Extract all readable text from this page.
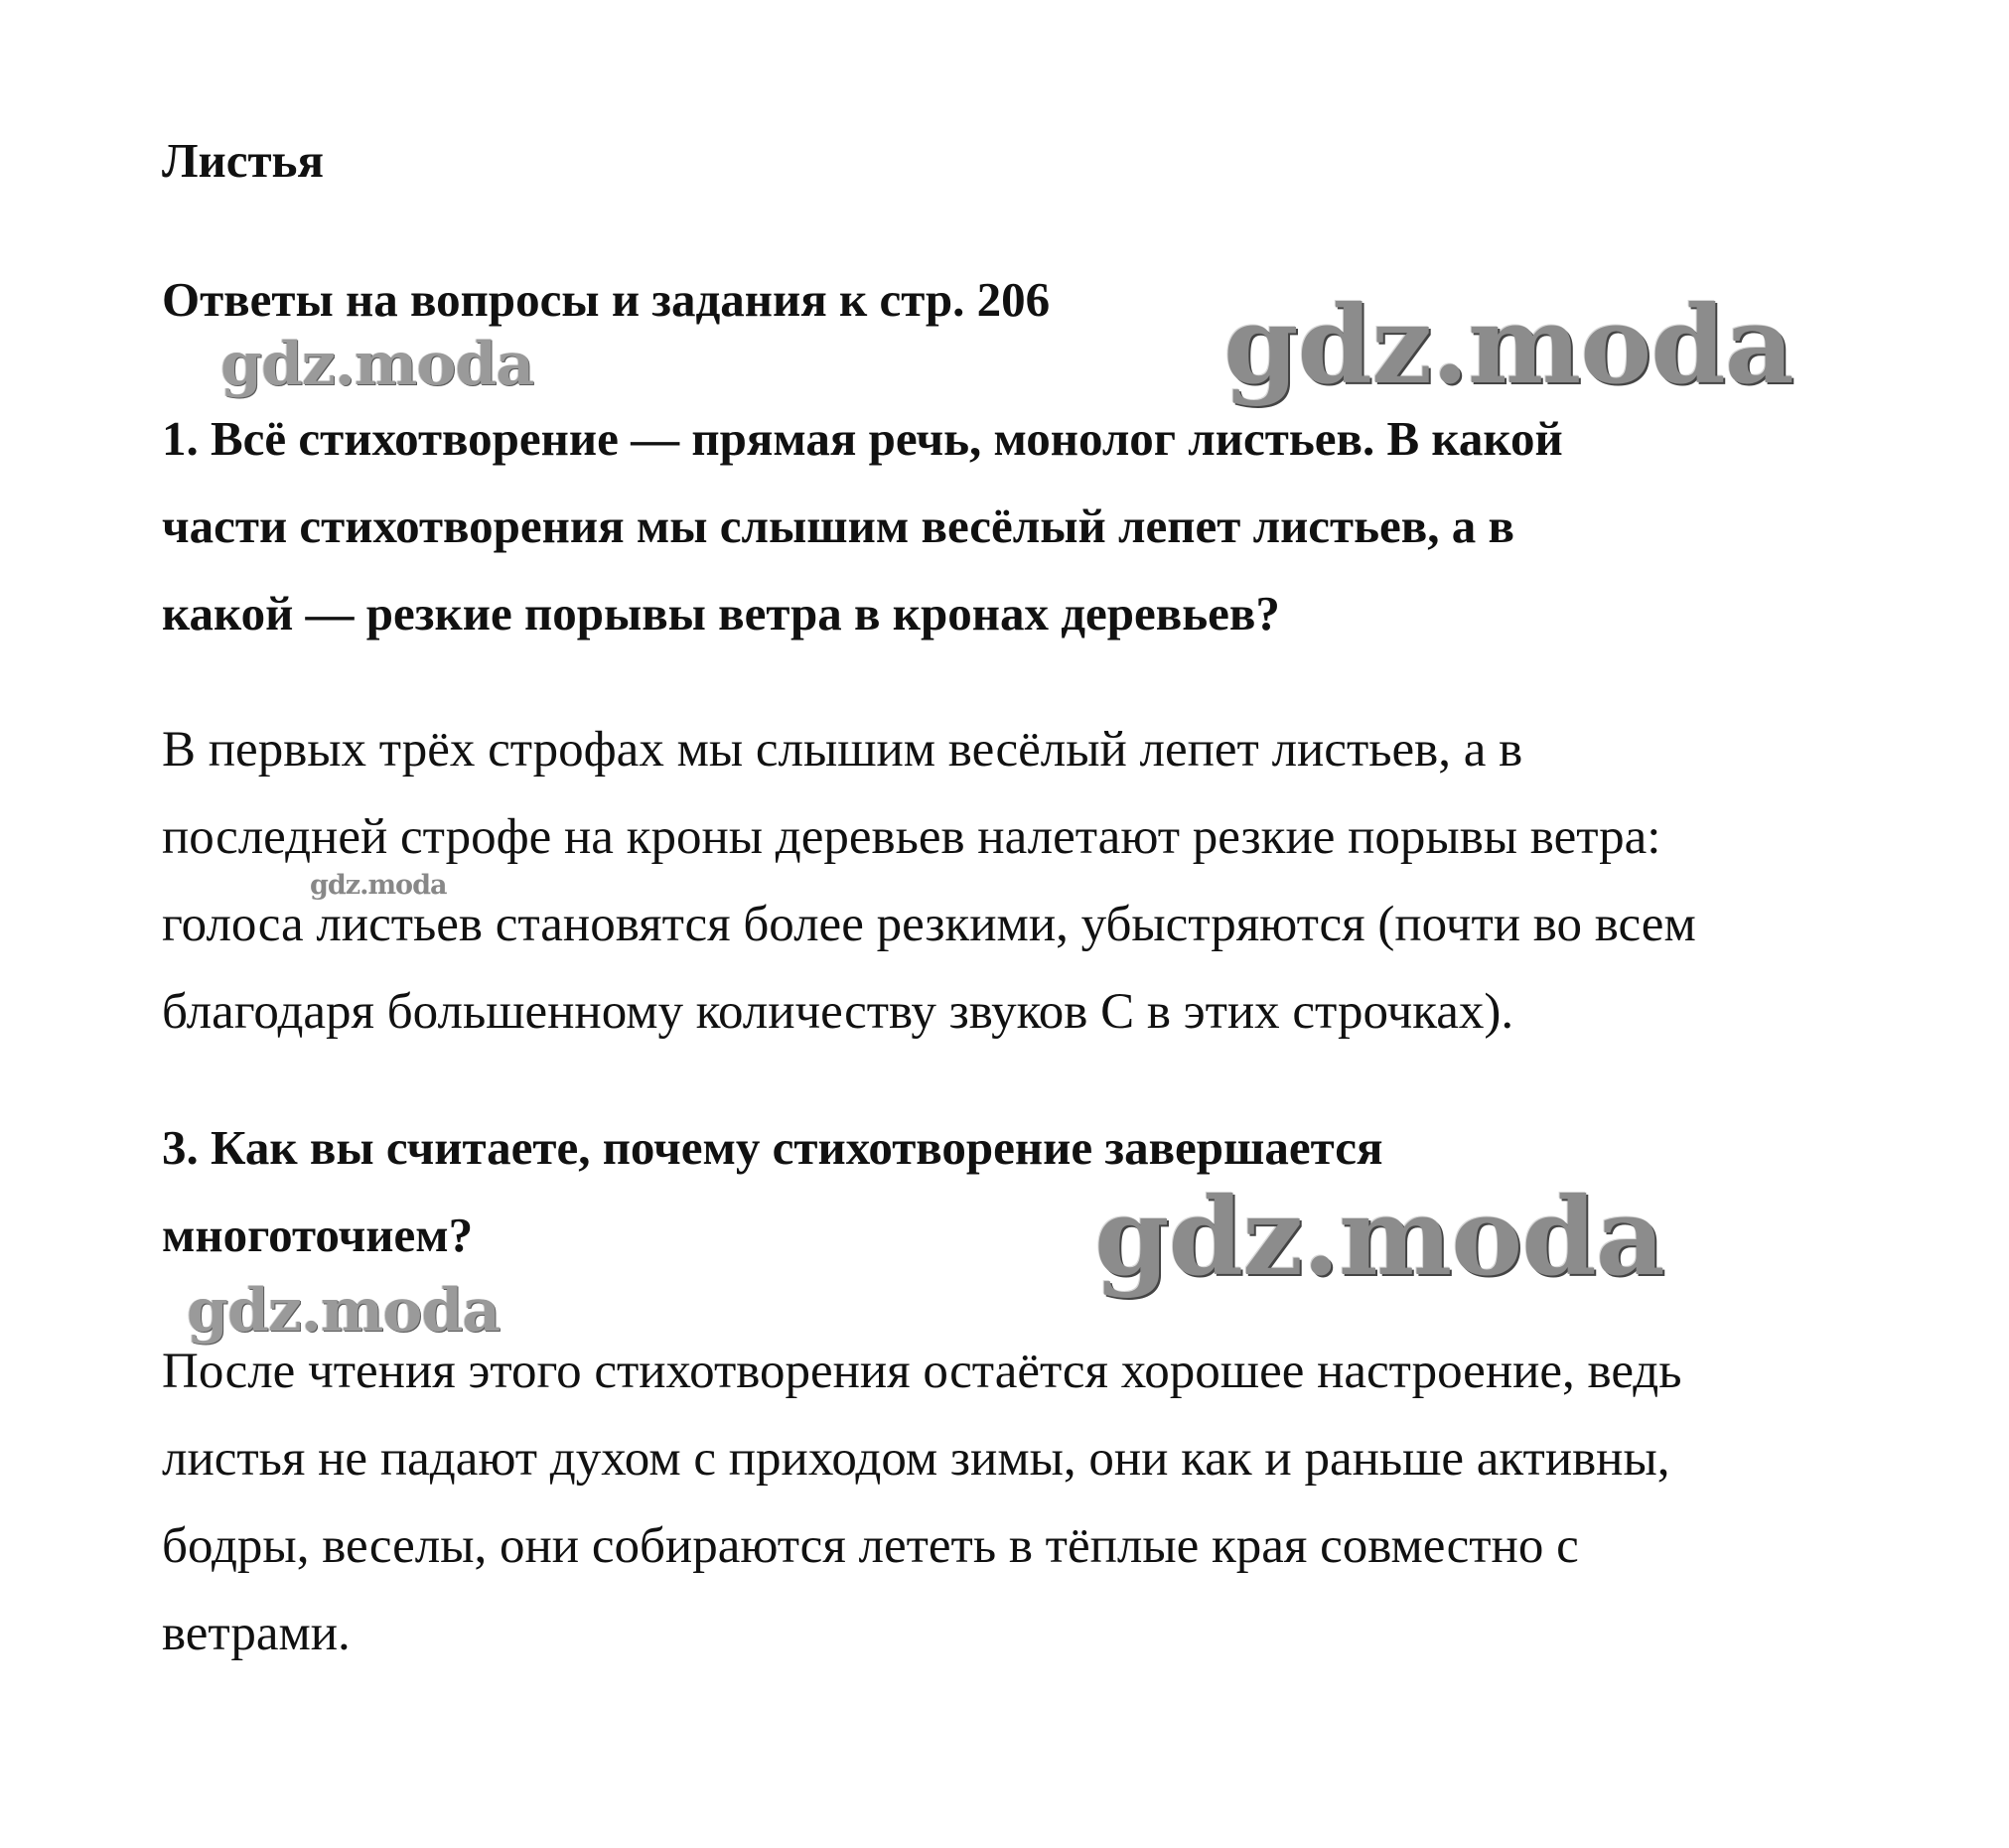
Листья
Ответы на вопросы и задания к стр. 206
1. Всё стихотворение — прямая речь, монолог листьев. В какой
части стихотворения мы слышим весёлый лепет листьев, а в
какой — резкие порывы ветра в кронах деревьев?
В первых трёх строфах мы слышим весёлый лепет листьев, а в
последней строфе на кроны деревьев налетают резкие порывы ветра:
голоса листьев становятся более резкими, убыстряются (почти во всем
благодаря большенному количеству звуков С в этих строчках).
3. Как вы считаете, почему стихотворение завершается
многоточием?
После чтения этого стихотворения остаётся хорошее настроение, ведь
листья не падают духом с приходом зимы, они как и раньше активны,
бодры, веселы, они собираются лететь в тёплые края совместно с
ветрами.
gdz.moda	gdz.moda
gdz.moda
gdz.moda
gdz.moda
